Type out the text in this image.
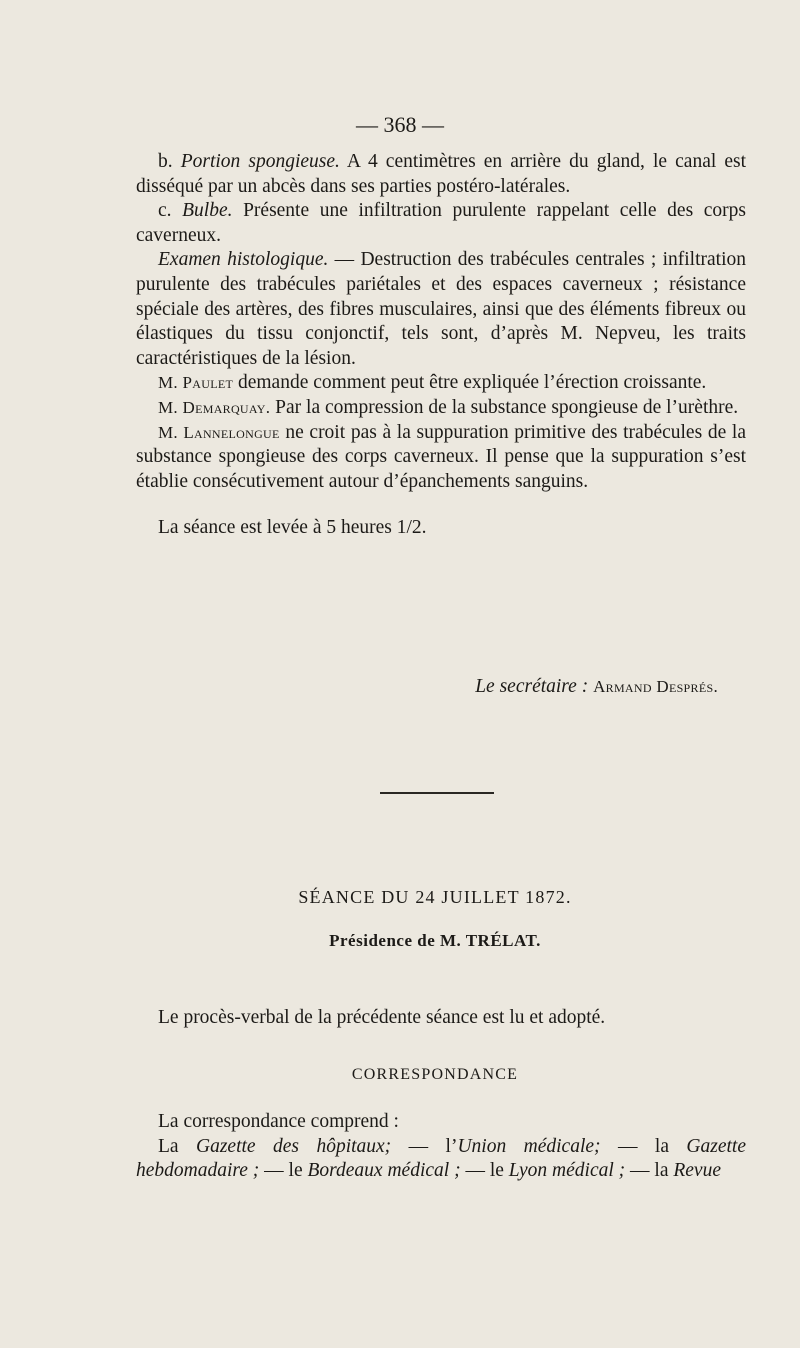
— 368 —
b. Portion spongieuse. A 4 centimètres en arrière du gland, le canal est disséqué par un abcès dans ses parties postéro-latérales.
c. Bulbe. Présente une infiltration purulente rappelant celle des corps caverneux.
Examen histologique. — Destruction des trabécules centrales ; infiltration purulente des trabécules pariétales et des espaces caverneux ; résistance spéciale des artères, des fibres musculaires, ainsi que des éléments fibreux ou élastiques du tissu conjonctif, tels sont, d’après M. Nepveu, les traits caractéristiques de la lésion.
M. Paulet demande comment peut être expliquée l’érection croissante.
M. Demarquay. Par la compression de la substance spongieuse de l’urèthre.
M. Lannelongue ne croit pas à la suppuration primitive des trabécules de la substance spongieuse des corps caverneux. Il pense que la suppuration s’est établie consécutivement autour d’épanchements sanguins.
La séance est levée à 5 heures 1/2.
Le secrétaire : Armand Després.
SÉANCE DU 24 JUILLET 1872.
Présidence de M. TRÉLAT.
Le procès-verbal de la précédente séance est lu et adopté.
CORRESPONDANCE
La correspondance comprend :
La Gazette des hôpitaux; — l’Union médicale; — la Gazette hebdomadaire ; — le Bordeaux médical ; — le Lyon médical ; — la Revue
